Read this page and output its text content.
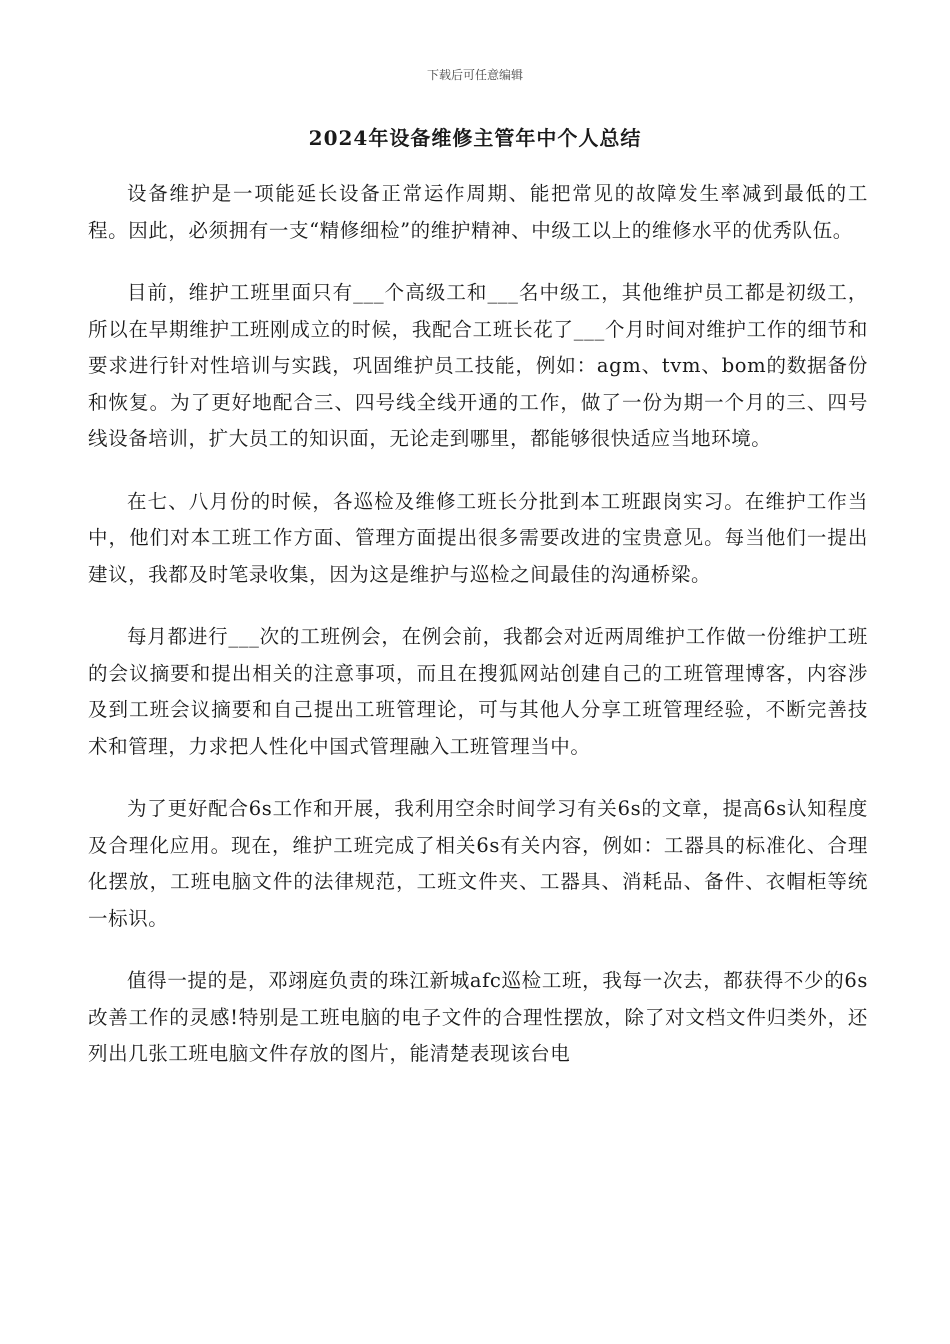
下载后可任意编辑
2024年设备维修主管年中个人总结

设备维护是一项能延长设备正常运作周期、能把常见的故障发生率减到最低的工程。因此，必须拥有一支“精修细检”的维护精神、中级工以上的维修水平的优秀队伍。

目前，维护工班里面只有___个高级工和___名中级工，其他维护员工都是初级工，所以在早期维护工班刚成立的时候，我配合工班长花了___个月时间对维护工作的细节和要求进行针对性培训与实践，巩固维护员工技能，例如：agm、tvm、bom的数据备份和恢复。为了更好地配合三、四号线全线开通的工作，做了一份为期一个月的三、四号线设备培训，扩大员工的知识面，无论走到哪里，都能够很快适应当地环境。

在七、八月份的时候，各巡检及维修工班长分批到本工班跟岗实习。在维护工作当中，他们对本工班工作方面、管理方面提出很多需要改进的宝贵意见。每当他们一提出建议，我都及时笔录收集，因为这是维护与巡检之间最佳的沟通桥梁。

每月都进行___次的工班例会，在例会前，我都会对近两周维护工作做一份维护工班的会议摘要和提出相关的注意事项，而且在搜狐网站创建自己的工班管理博客，内容涉及到工班会议摘要和自己提出工班管理论，可与其他人分享工班管理经验，不断完善技术和管理，力求把人性化中国式管理融入工班管理当中。

为了更好配合6s工作和开展，我利用空余时间学习有关6s的文章，提高6s认知程度及合理化应用。现在，维护工班完成了相关6s有关内容，例如：工器具的标准化、合理化摆放，工班电脑文件的法律规范，工班文件夹、工器具、消耗品、备件、衣帽柜等统一标识。

值得一提的是，邓翊庭负责的珠江新城afc巡检工班，我每一次去，都获得不少的6s改善工作的灵感!特别是工班电脑的电子文件的合理性摆放，除了对文档文件归类外，还列出几张工班电脑文件存放的图片，能清楚表现该台电
